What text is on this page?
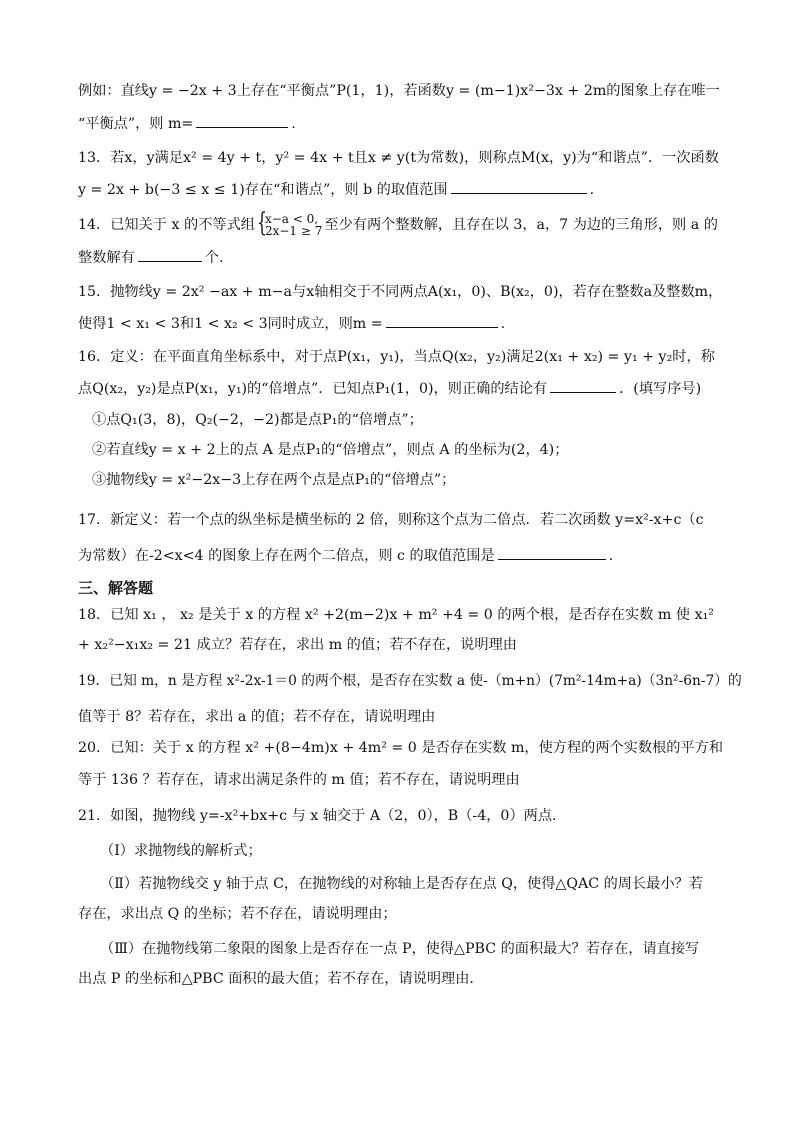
例如：直线y = −2x + 3上存在“平衡点”P(1，1)，若函数y = (m−1)x²−3x + 2m的图象上存在唯一
“平衡点”，则 m=	.
13．若x，y满足x² = 4y + t，y² = 4x + t且x ≠ y(t为常数)，则称点M(x，y)为“和谐点”．一次函数
y = 2x + b(−3 ≤ x ≤ 1)存在“和谐点”，则 b 的取值范围	.
14．已知关于 x 的不等式组
{ x−a < 0,
2x−1 ≥ 7 至少有两个整数解，且存在以 3，a，7 为边的三角形，则 a 的
整数解有	个.
15．抛物线y = 2x² −ax + m−a与x轴相交于不同两点A(x₁，0)、B(x₂，0)，若存在整数a及整数m，
使得1 < x₁ < 3和1 < x₂ < 3同时成立，则m =	.
16．定义：在平面直角坐标系中，对于点P(x₁，y₁)，当点Q(x₂，y₂)满足2(x₁ + x₂) = y₁ + y₂时，称
点Q(x₂，y₂)是点P(x₁，y₁)的“倍增点”．已知点P₁(1，0)，则正确的结论有	．(填写序号)
①点Q₁(3，8)，Q₂(−2，−2)都是点P₁的“倍增点”；
②若直线y = x + 2上的点 A 是点P₁的“倍增点”，则点 A 的坐标为(2，4)；
③抛物线y = x²−2x−3上存在两个点是点P₁的“倍增点”；
17．新定义：若一个点的纵坐标是横坐标的 2 倍，则称这个点为二倍点．若二次函数 y=x²-x+c（c
为常数）在-2<x<4 的图象上存在两个二倍点，则 c 的取值范围是	.
三、解答题
18．已知 x₁ ， x₂ 是关于 x 的方程 x² +2(m−2)x + m² +4 = 0 的两个根，是否存在实数 m 使 x₁²
+ x₂²−x₁x₂ = 21 成立？若存在，求出 m 的值；若不存在，说明理由
19．已知 m，n 是方程 x²-2x-1＝0 的两个根，是否存在实数 a 使-（m+n）(7m²-14m+a)（3n²-6n-7）的
值等于 8？若存在，求出 a 的值；若不存在，请说明理由
20．已知：关于 x 的方程 x² +(8−4m)x + 4m² = 0 是否存在实数 m，使方程的两个实数根的平方和
等于 136 ？若存在，请求出满足条件的 m 值；若不存在，请说明理由
21．如图，抛物线 y=-x²+bx+c 与 x 轴交于 A（2，0），B（-4，0）两点．
（Ⅰ）求抛物线的解析式；
（Ⅱ）若抛物线交 y 轴于点 C，在抛物线的对称轴上是否存在点 Q，使得△QAC 的周长最小？若
存在，求出点 Q 的坐标；若不存在，请说明理由；
（Ⅲ）在抛物线第二象限的图象上是否存在一点 P，使得△PBC 的面积最大？若存在，请直接写
出点 P 的坐标和△PBC 面积的最大值；若不存在，请说明理由．
